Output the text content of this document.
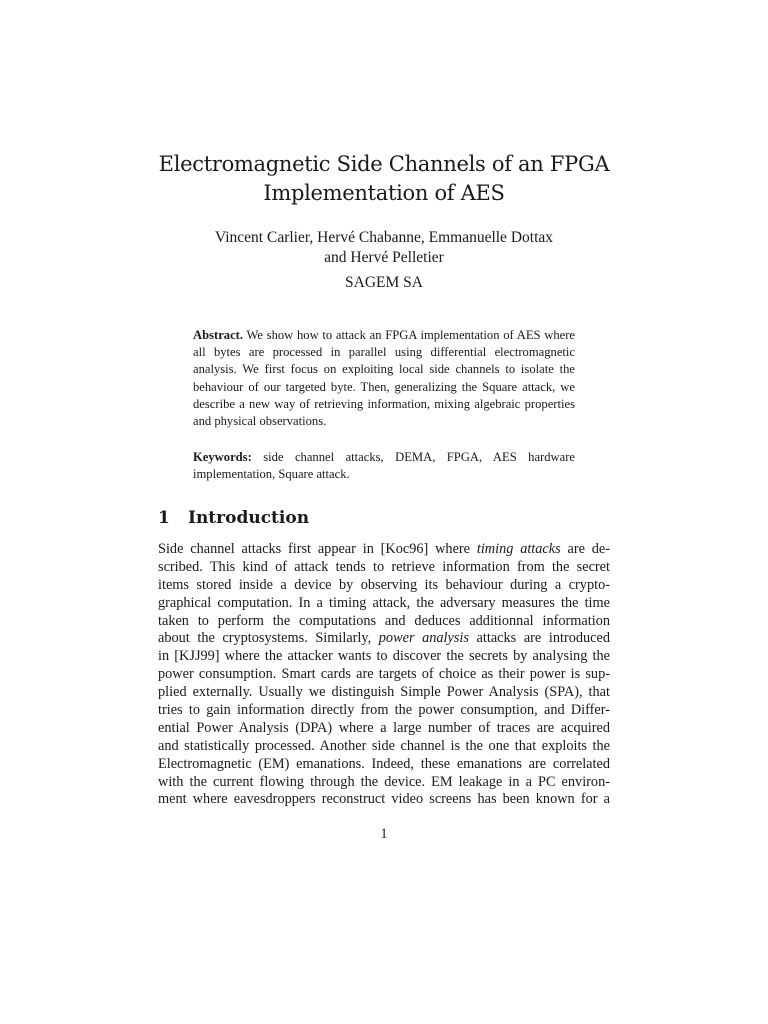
Electromagnetic Side Channels of an FPGA
Implementation of AES
Vincent Carlier, Hervé Chabanne, Emmanuelle Dottax
and Hervé Pelletier
SAGEM SA
Abstract. We show how to attack an FPGA implementation of AES where all bytes are processed in parallel using differential electromagnetic analysis. We first focus on exploiting local side channels to isolate the behaviour of our targeted byte. Then, generalizing the Square attack, we describe a new way of retrieving information, mixing algebraic properties and physical observations.
Keywords: side channel attacks, DEMA, FPGA, AES hardware implementation, Square attack.
1 Introduction
Side channel attacks first appear in [Koc96] where timing attacks are de-
scribed. This kind of attack tends to retrieve information from the secret
items stored inside a device by observing its behaviour during a crypto-
graphical computation. In a timing attack, the adversary measures the time
taken to perform the computations and deduces additionnal information
about the cryptosystems. Similarly, power analysis attacks are introduced
in [KJJ99] where the attacker wants to discover the secrets by analysing the
power consumption. Smart cards are targets of choice as their power is sup-
plied externally. Usually we distinguish Simple Power Analysis (SPA), that
tries to gain information directly from the power consumption, and Differ-
ential Power Analysis (DPA) where a large number of traces are acquired
and statistically processed. Another side channel is the one that exploits the
Electromagnetic (EM) emanations. Indeed, these emanations are correlated
with the current flowing through the device. EM leakage in a PC environ-
ment where eavesdroppers reconstruct video screens has been known for a
1
